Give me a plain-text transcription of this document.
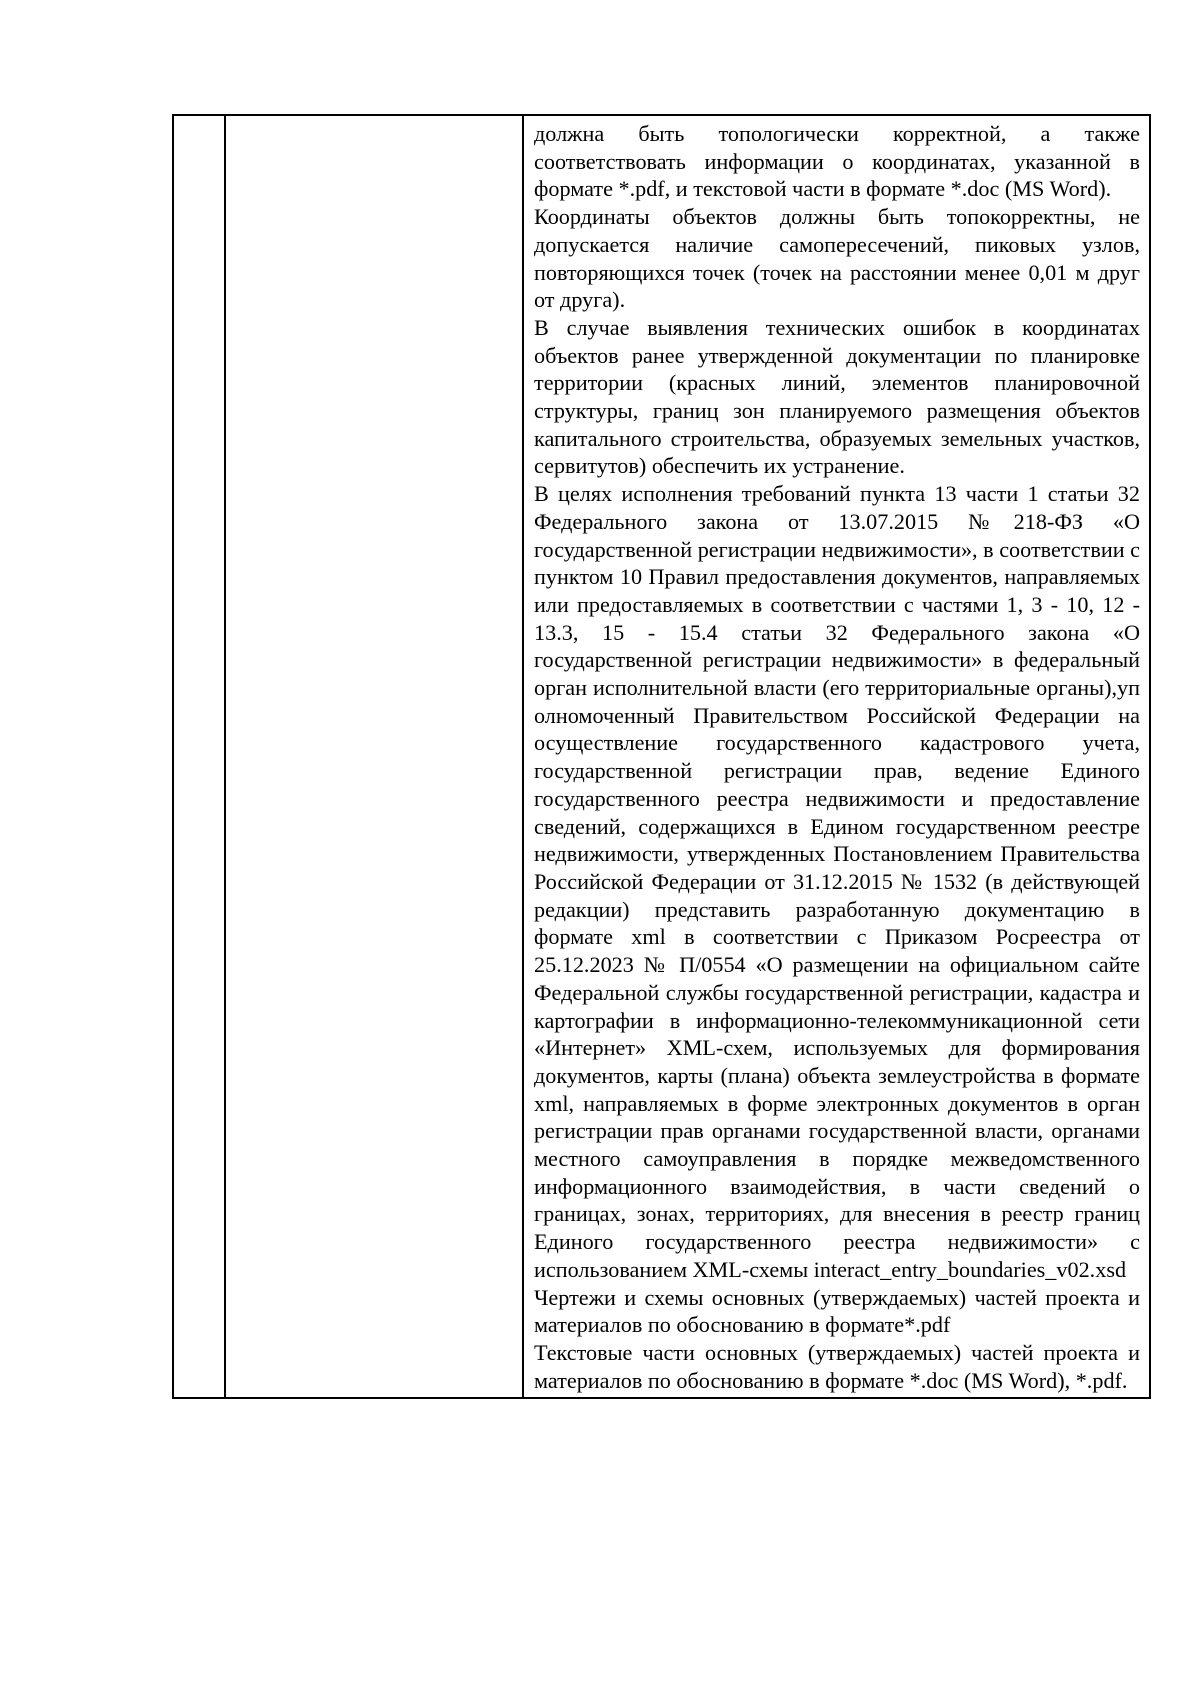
должна быть топологически корректной, а также соответствовать информации о координатах, указанной в формате *.pdf, и текстовой части в формате *.doc (MS Word).

Координаты объектов должны быть топокорректны, не допускается наличие самопересечений, пиковых узлов, повторяющихся точек (точек на расстоянии менее 0,01 м друг от друга).

В случае выявления технических ошибок в координатах объектов ранее утвержденной документации по планировке территории (красных линий, элементов планировочной структуры, границ зон планируемого размещения объектов капитального строительства, образуемых земельных участков, сервитутов) обеспечить их устранение.

В целях исполнения требований пункта 13 части 1 статьи 32 Федерального закона от 13.07.2015 №218-ФЗ «О государственной регистрации недвижимости», в соответствии с пунктом 10 Правил предоставления документов, направляемых или предоставляемых в соответствии с частями 1, 3 - 10, 12 - 13.3, 15 - 15.4 статьи 32 Федерального закона «О государственной регистрации недвижимости» в федеральный орган исполнительной власти (его территориальные органы),уп олномоченный Правительством Российской Федерации на осуществление государственного кадастрового учета, государственной регистрации прав, ведение Единого государственного реестра недвижимости и предоставление сведений, содержащихся в Едином государственном реестре недвижимости, утвержденных Постановлением Правительства Российской Федерации от 31.12.2015 № 1532 (в действующей редакции) представить разработанную документацию в формате xml в соответствии с Приказом Росреестра от 25.12.2023 № П/0554 «О размещении на официальном сайте Федеральной службы государственной регистрации, кадастра и картографии в информационно-телекоммуникационной сети «Интернет» XML-схем, используемых для формирования документов, карты (плана) объекта землеустройства в формате xml, направляемых в форме электронных документов в орган регистрации прав органами государственной власти, органами местного самоуправления в порядке межведомственного информационного взаимодействия, в части сведений о границах, зонах, территориях, для внесения в реестр границ Единого государственного реестра недвижимости» с использованием XML-схемы interact_entry_boundaries_v02.xsd

Чертежи и схемы основных (утверждаемых) частей проекта и материалов по обоснованию в формате*.pdf

Текстовые части основных (утверждаемых) частей проекта и материалов по обоснованию в формате *.doc (MS Word), *.pdf.
